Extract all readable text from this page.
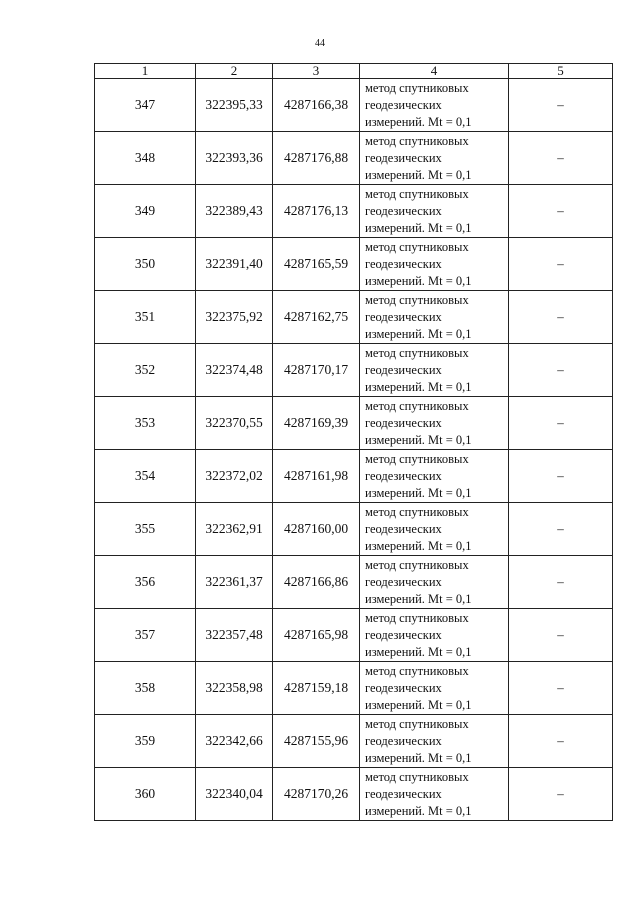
44
1	2	3	4	5
347	322395,33	4287166,38	метод спутниковых
геодезических
измерений. Mt = 0,1	–
348	322393,36	4287176,88	метод спутниковых
геодезических
измерений. Mt = 0,1	–
349	322389,43	4287176,13	метод спутниковых
геодезических
измерений. Mt = 0,1	–
350	322391,40	4287165,59	метод спутниковых
геодезических
измерений. Mt = 0,1	–
351	322375,92	4287162,75	метод спутниковых
геодезических
измерений. Mt = 0,1	–
352	322374,48	4287170,17	метод спутниковых
геодезических
измерений. Mt = 0,1	–
353	322370,55	4287169,39	метод спутниковых
геодезических
измерений. Mt = 0,1	–
354	322372,02	4287161,98	метод спутниковых
геодезических
измерений. Mt = 0,1	–
355	322362,91	4287160,00	метод спутниковых
геодезических
измерений. Mt = 0,1	–
356	322361,37	4287166,86	метод спутниковых
геодезических
измерений. Mt = 0,1	–
357	322357,48	4287165,98	метод спутниковых
геодезических
измерений. Mt = 0,1	–
358	322358,98	4287159,18	метод спутниковых
геодезических
измерений. Mt = 0,1	–
359	322342,66	4287155,96	метод спутниковых
геодезических
измерений. Mt = 0,1	–
360	322340,04	4287170,26	метод спутниковых
геодезических
измерений. Mt = 0,1	–
